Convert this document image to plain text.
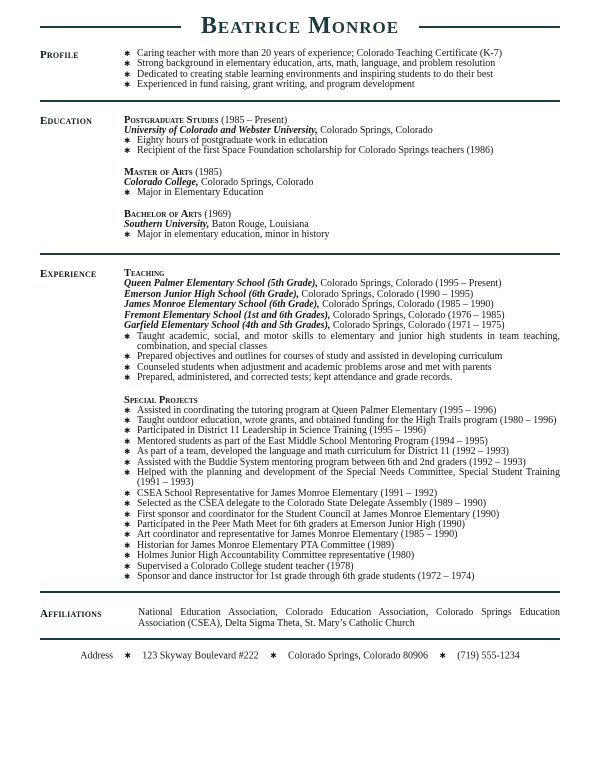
Beatrice Monroe
Profile	✱ Caring teacher with more than 20 years of experience; Colorado Teaching Certificate (K-7)
✱ Strong background in elementary education, arts, math, language, and problem resolution
✱ Dedicated to creating stable learning environments and inspiring students to do their best
✱ Experienced in fund raising, grant writing, and program development
Education	Postgraduate Studies (1985 – Present)
University of Colorado and Webster University, Colorado Springs, Colorado
✱ Eighty hours of postgraduate work in education
✱ Recipient of the first Space Foundation scholarship for Colorado Springs teachers (1986)
Master of Arts (1985)
Colorado College, Colorado Springs, Colorado
✱ Major in Elementary Education
Bachelor of Arts (1969)
Southern University, Baton Rouge, Louisiana
✱ Major in elementary education, minor in history
Experience	Teaching
Queen Palmer Elementary School (5th Grade), Colorado Springs, Colorado (1995 – Present)
Emerson Junior High School (6th Grade), Colorado Springs, Colorado (1990 – 1995)
James Monroe Elementary School (6th Grade), Colorado Springs, Colorado (1985 – 1990)
Fremont Elementary School (1st and 6th Grades), Colorado Springs, Colorado (1976 – 1985)
Garfield Elementary School (4th and 5th Grades), Colorado Springs, Colorado (1971 – 1975)
✱ Taught academic, social, and motor skills to elementary and junior high students in team teaching, combination, and special classes
✱ Prepared objectives and outlines for courses of study and assisted in developing curriculum
✱ Counseled students when adjustment and academic problems arose and met with parents
✱ Prepared, administered, and corrected tests; kept attendance and grade records.
Special Projects
✱ Assisted in coordinating the tutoring program at Queen Palmer Elementary (1995 – 1996)
✱ Taught outdoor education, wrote grants, and obtained funding for the High Trails program (1980 – 1996)
✱ Participated in District 11 Leadership in Science Training (1995 – 1996)
✱ Mentored students as part of the East Middle School Mentoring Program (1994 – 1995)
✱ As part of a team, developed the language and math curriculum for District 11 (1992 – 1993)
✱ Assisted with the Buddie System mentoring program between 6th and 2nd graders (1992 – 1993)
✱ Helped with the planning and development of the Special Needs Committee, Special Student Training (1991 – 1993)
✱ CSEA School Representative for James Monroe Elementary (1991 – 1992)
✱ Selected as the CSEA delegate to the Colorado State Delegate Assembly (1989 – 1990)
✱ First sponsor and coordinator for the Student Council at James Monroe Elementary (1990)
✱ Participated in the Peer Math Meet for 6th graders at Emerson Junior High (1990)
✱ Art coordinator and representative for James Monroe Elementary (1985 – 1990)
✱ Historian for James Monroe Elementary PTA Committee (1989)
✱ Holmes Junior High Accountability Committee representative (1980)
✱ Supervised a Colorado College student teacher (1978)
✱ Sponsor and dance instructor for 1st grade through 6th grade students (1972 – 1974)
Affiliations	National Education Association, Colorado Education Association, Colorado Springs Education Association (CSEA), Delta Sigma Theta, St. Mary’s Catholic Church
Address ✱ 123 Skyway Boulevard #222 ✱ Colorado Springs, Colorado 80906 ✱ (719) 555-1234
